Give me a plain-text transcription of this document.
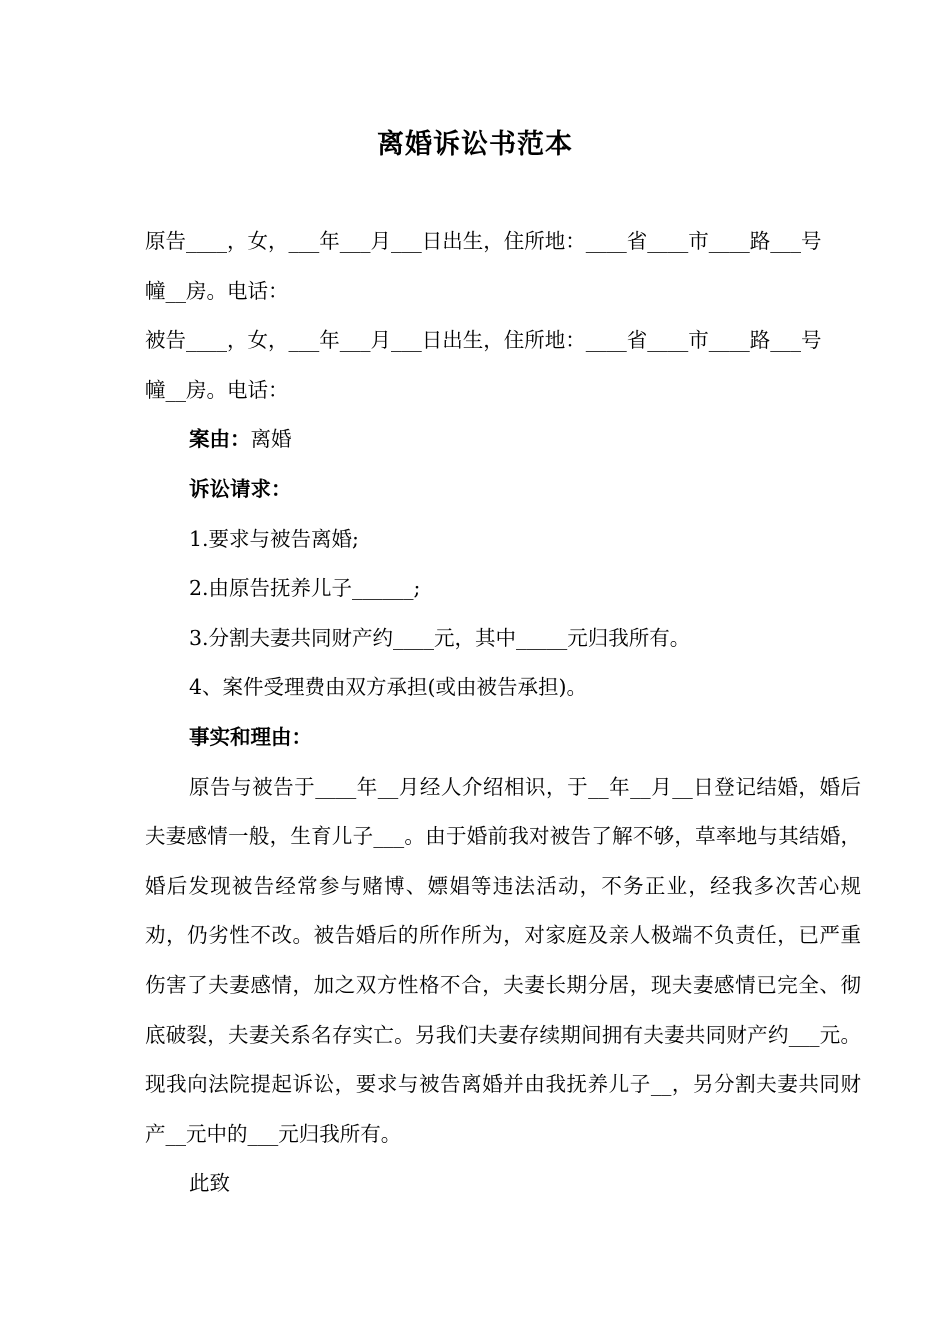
离婚诉讼书范本

原告____，女，___年___月___日出生，住所地：____省____市____路___号

幢__房。电话：

被告____，女，___年___月___日出生，住所地：____省____市____路___号

幢__房。电话：

案由：离婚

诉讼请求：

1.要求与被告离婚;

2.由原告抚养儿子______;

3.分割夫妻共同财产约____元，其中_____元归我所有。

4、案件受理费由双方承担(或由被告承担)。

事实和理由：

原告与被告于____年__月经人介绍相识，于__年__月__日登记结婚，婚后夫妻感情一般，生育儿子___。由于婚前我对被告了解不够，草率地与其结婚，婚后发现被告经常参与赌博、嫖娼等违法活动，不务正业，经我多次苦心规劝，仍劣性不改。被告婚后的所作所为，对家庭及亲人极端不负责任，已严重伤害了夫妻感情，加之双方性格不合，夫妻长期分居，现夫妻感情已完全、彻底破裂，夫妻关系名存实亡。另我们夫妻存续期间拥有夫妻共同财产约___元。现我向法院提起诉讼，要求与被告离婚并由我抚养儿子__，另分割夫妻共同财产__元中的___元归我所有。

此致
